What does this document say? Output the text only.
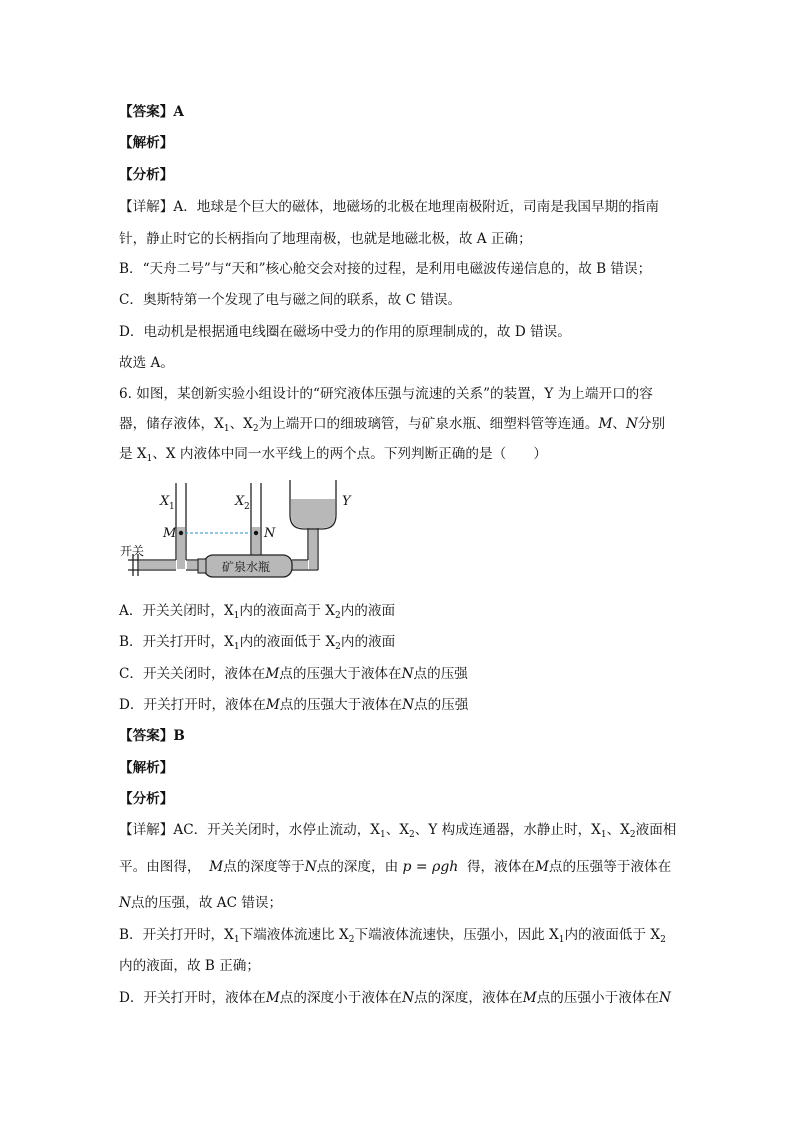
【答案】A
【解析】
【分析】
【详解】A．地球是个巨大的磁体，地磁场的北极在地理南极附近，司南是我国早期的指南
针，静止时它的长柄指向了地理南极，也就是地磁北极，故 A 正确；
B．“天舟二号”与“天和”核心舱交会对接的过程，是利用电磁波传递信息的，故 B 错误；
C．奥斯特第一个发现了电与磁之间的联系，故 C 错误。
D．电动机是根据通电线圈在磁场中受力的作用的原理制成的，故 D 错误。
故选 A。
6. 如图，某创新实验小组设计的“研究液体压强与流速的关系”的装置，Y 为上端开口的容
器，储存液体，$X_1$、$X_2$为上端开口的细玻璃管，与矿泉水瓶、细塑料管等连通。M、N分别
是 $X_1$、X 内液体中同一水平线上的两个点。下列判断正确的是（　　）
X 1	X 2	Y
M	N
开关
矿泉水瓶
A．开关关闭时，$X_1$内的液面高于 $X_2$内的液面
B．开关打开时，$X_1$内的液面低于 $X_2$内的液面
C．开关关闭时，液体在M点的压强大于液体在N点的压强
D．开关打开时，液体在M点的压强大于液体在N点的压强
【答案】B
【解析】
【分析】
【详解】AC．开关关闭时，水停止流动，$X_1$、$X_2$、Y 构成连通器，水静止时，$X_1$、$X_2$液面相
平。由图得， M点的深度等于N点的深度，由 p = ρgh 得，液体在M点的压强等于液体在
N点的压强，故 AC 错误；
B．开关打开时，$X_1$下端液体流速比 $X_2$下端液体流速快，压强小，因此 $X_1$内的液面低于 $X_2$
内的液面，故 B 正确；
D．开关打开时，液体在M点的深度小于液体在N点的深度，液体在M点的压强小于液体在N
